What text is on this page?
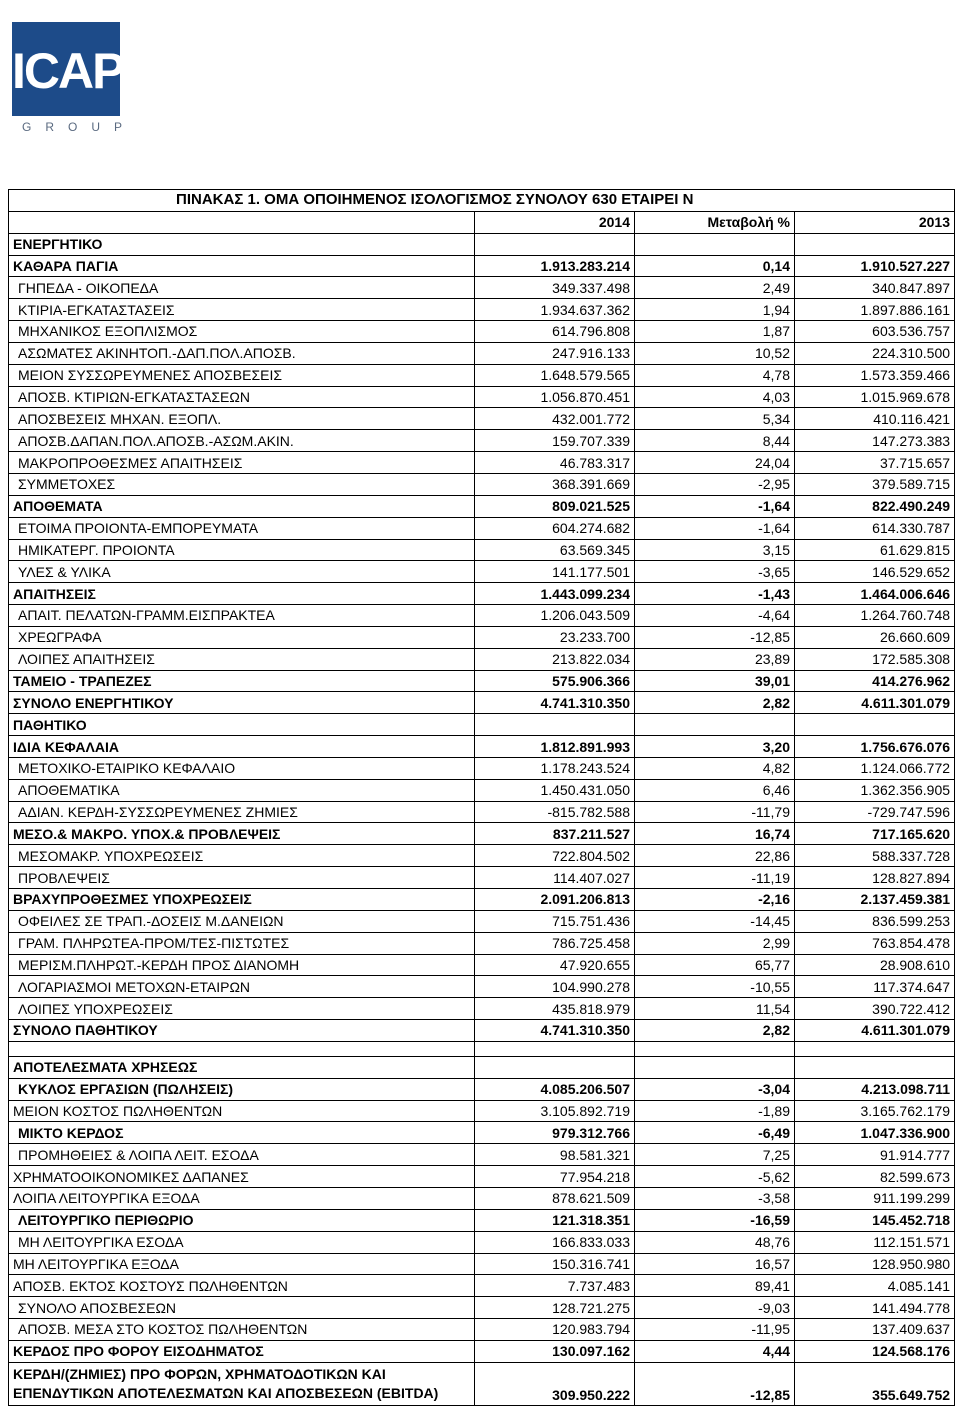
ICAP
GROUP
ΠΙΝΑΚΑΣ 1. ΟΜΑ ΟΠΟΙΗΜΕΝΟΣ ΙΣΟΛΟΓΙΣΜΟΣ ΣΥΝΟΛΟΥ 630 ΕΤΑΙΡΕΙ Ν			
	2014	Μεταβολή %	2013
ΕΝΕΡΓΗΤΙΚΟ			
ΚΑΘΑΡΑ ΠΑΓΙΑ	1.913.283.214	0,14	1.910.527.227
ΓΗΠΕΔΑ - ΟΙΚΟΠΕΔΑ	349.337.498	2,49	340.847.897
ΚΤΙΡΙΑ-ΕΓΚΑΤΑΣΤΑΣΕΙΣ	1.934.637.362	1,94	1.897.886.161
ΜΗΧΑΝΙΚΟΣ ΕΞΟΠΛΙΣΜΟΣ	614.796.808	1,87	603.536.757
ΑΣΩΜΑΤΕΣ ΑΚΙΝΗΤΟΠ.-ΔΑΠ.ΠΟΛ.ΑΠΟΣΒ.	247.916.133	10,52	224.310.500
ΜΕΙΟΝ ΣΥΣΣΩΡΕΥΜΕΝΕΣ ΑΠΟΣΒΕΣΕΙΣ	1.648.579.565	4,78	1.573.359.466
ΑΠΟΣΒ. ΚΤΙΡΙΩΝ-ΕΓΚΑΤΑΣΤΑΣΕΩΝ	1.056.870.451	4,03	1.015.969.678
ΑΠΟΣΒΕΣΕΙΣ ΜΗΧΑΝ. ΕΞΟΠΛ.	432.001.772	5,34	410.116.421
ΑΠΟΣΒ.ΔΑΠΑΝ.ΠΟΛ.ΑΠΟΣΒ.-ΑΣΩΜ.ΑΚΙΝ.	159.707.339	8,44	147.273.383
ΜΑΚΡΟΠΡΟΘΕΣΜΕΣ ΑΠΑΙΤΗΣΕΙΣ	46.783.317	24,04	37.715.657
ΣΥΜΜΕΤΟΧΕΣ	368.391.669	-2,95	379.589.715
ΑΠΟΘΕΜΑΤΑ	809.021.525	-1,64	822.490.249
ΕΤΟΙΜΑ ΠΡΟΙΟΝΤΑ-ΕΜΠΟΡΕΥΜΑΤΑ	604.274.682	-1,64	614.330.787
ΗΜΙΚΑΤΕΡΓ. ΠΡΟΙΟΝΤΑ	63.569.345	3,15	61.629.815
ΥΛΕΣ & ΥΛΙΚΑ	141.177.501	-3,65	146.529.652
ΑΠΑΙΤΗΣΕΙΣ	1.443.099.234	-1,43	1.464.006.646
ΑΠΑΙΤ. ΠΕΛΑΤΩΝ-ΓΡΑΜΜ.ΕΙΣΠΡΑΚΤΕΑ	1.206.043.509	-4,64	1.264.760.748
ΧΡΕΩΓΡΑΦΑ	23.233.700	-12,85	26.660.609
ΛΟΙΠΕΣ ΑΠΑΙΤΗΣΕΙΣ	213.822.034	23,89	172.585.308
ΤΑΜΕΙΟ - ΤΡΑΠΕΖΕΣ	575.906.366	39,01	414.276.962
ΣΥΝΟΛΟ ΕΝΕΡΓΗΤΙΚΟΥ	4.741.310.350	2,82	4.611.301.079
ΠΑΘΗΤΙΚΟ			
ΙΔΙΑ ΚΕΦΑΛΑΙΑ	1.812.891.993	3,20	1.756.676.076
ΜΕΤΟΧΙΚΟ-ΕΤΑΙΡΙΚΟ ΚΕΦΑΛΑΙΟ	1.178.243.524	4,82	1.124.066.772
ΑΠΟΘΕΜΑΤΙΚΑ	1.450.431.050	6,46	1.362.356.905
ΑΔΙΑΝ. ΚΕΡΔΗ-ΣΥΣΣΩΡΕΥΜΕΝΕΣ ΖΗΜΙΕΣ	-815.782.588	-11,79	-729.747.596
ΜΕΣΟ.& ΜΑΚΡΟ. ΥΠΟΧ.& ΠΡΟΒΛΕΨΕΙΣ	837.211.527	16,74	717.165.620
ΜΕΣΟΜΑΚΡ. ΥΠΟΧΡΕΩΣΕΙΣ	722.804.502	22,86	588.337.728
ΠΡΟΒΛΕΨΕΙΣ	114.407.027	-11,19	128.827.894
ΒΡΑΧΥΠΡΟΘΕΣΜΕΣ ΥΠΟΧΡΕΩΣΕΙΣ	2.091.206.813	-2,16	2.137.459.381
ΟΦΕΙΛΕΣ ΣΕ ΤΡΑΠ.-ΔΟΣΕΙΣ Μ.ΔΑΝΕΙΩΝ	715.751.436	-14,45	836.599.253
ΓΡΑΜ. ΠΛΗΡΩΤΕΑ-ΠΡΟΜ/ΤΕΣ-ΠΙΣΤΩΤΕΣ	786.725.458	2,99	763.854.478
ΜΕΡΙΣΜ.ΠΛΗΡΩΤ.-ΚΕΡΔΗ ΠΡΟΣ ΔΙΑΝΟΜΗ	47.920.655	65,77	28.908.610
ΛΟΓΑΡΙΑΣΜΟΙ ΜΕΤΟΧΩΝ-ΕΤΑΙΡΩΝ	104.990.278	-10,55	117.374.647
ΛΟΙΠΕΣ ΥΠΟΧΡΕΩΣΕΙΣ	435.818.979	11,54	390.722.412
ΣΥΝΟΛΟ ΠΑΘΗΤΙΚΟΥ	4.741.310.350	2,82	4.611.301.079

ΑΠΟΤΕΛΕΣΜΑΤΑ ΧΡΗΣΕΩΣ			
ΚΥΚΛΟΣ ΕΡΓΑΣΙΩΝ (ΠΩΛΗΣΕΙΣ)	4.085.206.507	-3,04	4.213.098.711
ΜΕΙΟΝ ΚΟΣΤΟΣ ΠΩΛΗΘΕΝΤΩΝ	3.105.892.719	-1,89	3.165.762.179
ΜΙΚΤΟ ΚΕΡΔΟΣ	979.312.766	-6,49	1.047.336.900
ΠΡΟΜΗΘΕΙΕΣ & ΛΟΙΠΑ ΛΕΙΤ. ΕΣΟΔΑ	98.581.321	7,25	91.914.777
ΧΡΗΜΑΤΟΟΙΚΟΝΟΜΙΚΕΣ ΔΑΠΑΝΕΣ	77.954.218	-5,62	82.599.673
ΛΟΙΠΑ ΛΕΙΤΟΥΡΓΙΚΑ ΕΞΟΔΑ	878.621.509	-3,58	911.199.299
ΛΕΙΤΟΥΡΓΙΚΟ ΠΕΡΙΘΩΡΙΟ	121.318.351	-16,59	145.452.718
ΜΗ ΛΕΙΤΟΥΡΓΙΚΑ ΕΣΟΔΑ	166.833.033	48,76	112.151.571
ΜΗ ΛΕΙΤΟΥΡΓΙΚΑ ΕΞΟΔΑ	150.316.741	16,57	128.950.980
ΑΠΟΣΒ. ΕΚΤΟΣ ΚΟΣΤΟΥΣ ΠΩΛΗΘΕΝΤΩΝ	7.737.483	89,41	4.085.141
ΣΥΝΟΛΟ ΑΠΟΣΒΕΣΕΩΝ	128.721.275	-9,03	141.494.778
ΑΠΟΣΒ. ΜΕΣΑ ΣΤΟ ΚΟΣΤΟΣ ΠΩΛΗΘΕΝΤΩΝ	120.983.794	-11,95	137.409.637
ΚΕΡΔΟΣ ΠΡΟ ΦΟΡΟΥ ΕΙΣΟΔΗΜΑΤΟΣ	130.097.162	4,44	124.568.176
ΚΕΡΔΗ/(ΖΗΜΙΕΣ) ΠΡΟ ΦΟΡΩΝ, ΧΡΗΜΑΤΟΔΟΤΙΚΩΝ ΚΑΙ ΕΠΕΝΔΥΤΙΚΩΝ ΑΠΟΤΕΛΕΣΜΑΤΩΝ ΚΑΙ ΑΠΟΣΒΕΣΕΩΝ (EBITDA)	309.950.222	-12,85	355.649.752
